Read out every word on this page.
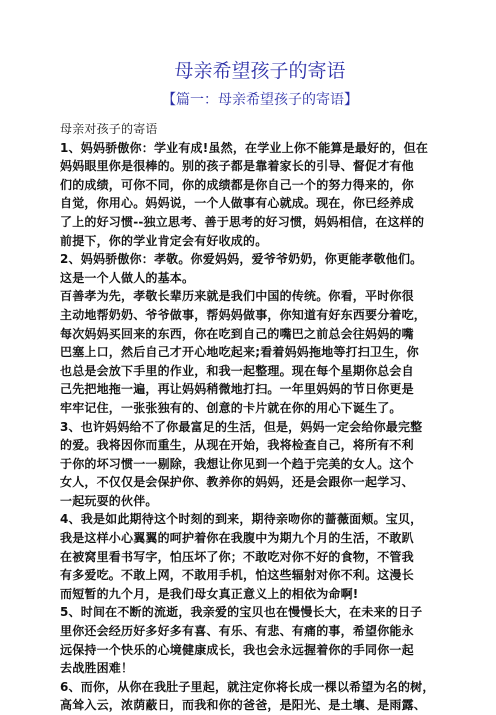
母亲希望孩子的寄语
【篇一：母亲希望孩子的寄语】

母亲对孩子的寄语

1、妈妈骄傲你：学业有成!虽然，在学业上你不能算是最好的，但在

妈妈眼里你是很棒的。别的孩子都是靠着家长的引导、督促才有他

们的成绩，可你不同，你的成绩都是你自己一个的努力得来的，你

自觉，你用心。妈妈说，一个人做事有心就成。现在，你已经养成

了上的好习惯--独立思考、善于思考的好习惯，妈妈相信，在这样的

前提下，你的学业肯定会有好收成的。

2、妈妈骄傲你：孝敬。你爱妈妈，爱爷爷奶奶，你更能孝敬他们。

这是一个人做人的基本。

百善孝为先，孝敬长辈历来就是我们中国的传统。你看，平时你很

主动地帮奶奶、爷爷做事，帮妈妈做事，你知道有好东西要分着吃，

每次妈妈买回来的东西，你在吃到自己的嘴巴之前总会往妈妈的嘴

巴塞上口，然后自己才开心地吃起来;看着妈妈拖地等打扫卫生，你

也总是会放下手里的作业，和我一起整理。现在每个星期你总会自

己先把地拖一遍，再让妈妈稍微地打扫。一年里妈妈的节日你更是

牢牢记住，一张张独有的、创意的卡片就在你的用心下诞生了。

3、也许妈妈给不了你最富足的生活，但是，妈妈一定会给你最完整

的爱。我将因你而重生，从现在开始，我将检查自己，将所有不利

于你的坏习惯一一剔除，我想让你见到一个趋于完美的女人。这个

女人，不仅仅是会保护你、教养你的妈妈，还是会跟你一起学习、

一起玩耍的伙伴。

4、我是如此期待这个时刻的到来，期待亲吻你的蔷薇面颊。宝贝，

我是这样小心翼翼的呵护着你在我腹中为期九个月的生活，不敢趴

在被窝里看书写字，怕压坏了你；不敢吃对你不好的食物，不管我

有多爱吃。不敢上网，不敢用手机，怕这些辐射对你不利。这漫长

而短暂的九个月，是我们母女真正意义上的相依为命啊!

5、时间在不断的流逝，我亲爱的宝贝也在慢慢长大，在未来的日子

里你还会经历好多好多有喜、有乐、有悲、有痛的事，希望你能永

远保持一个快乐的心境健康成长，我也会永远握着你的手同你一起

去战胜困难！

6、而你，从你在我肚子里起，就注定你将长成一棵以希望为名的树，

高耸入云，浓荫蔽日，而我和你的爸爸，是阳光、是土壤、是雨露、
